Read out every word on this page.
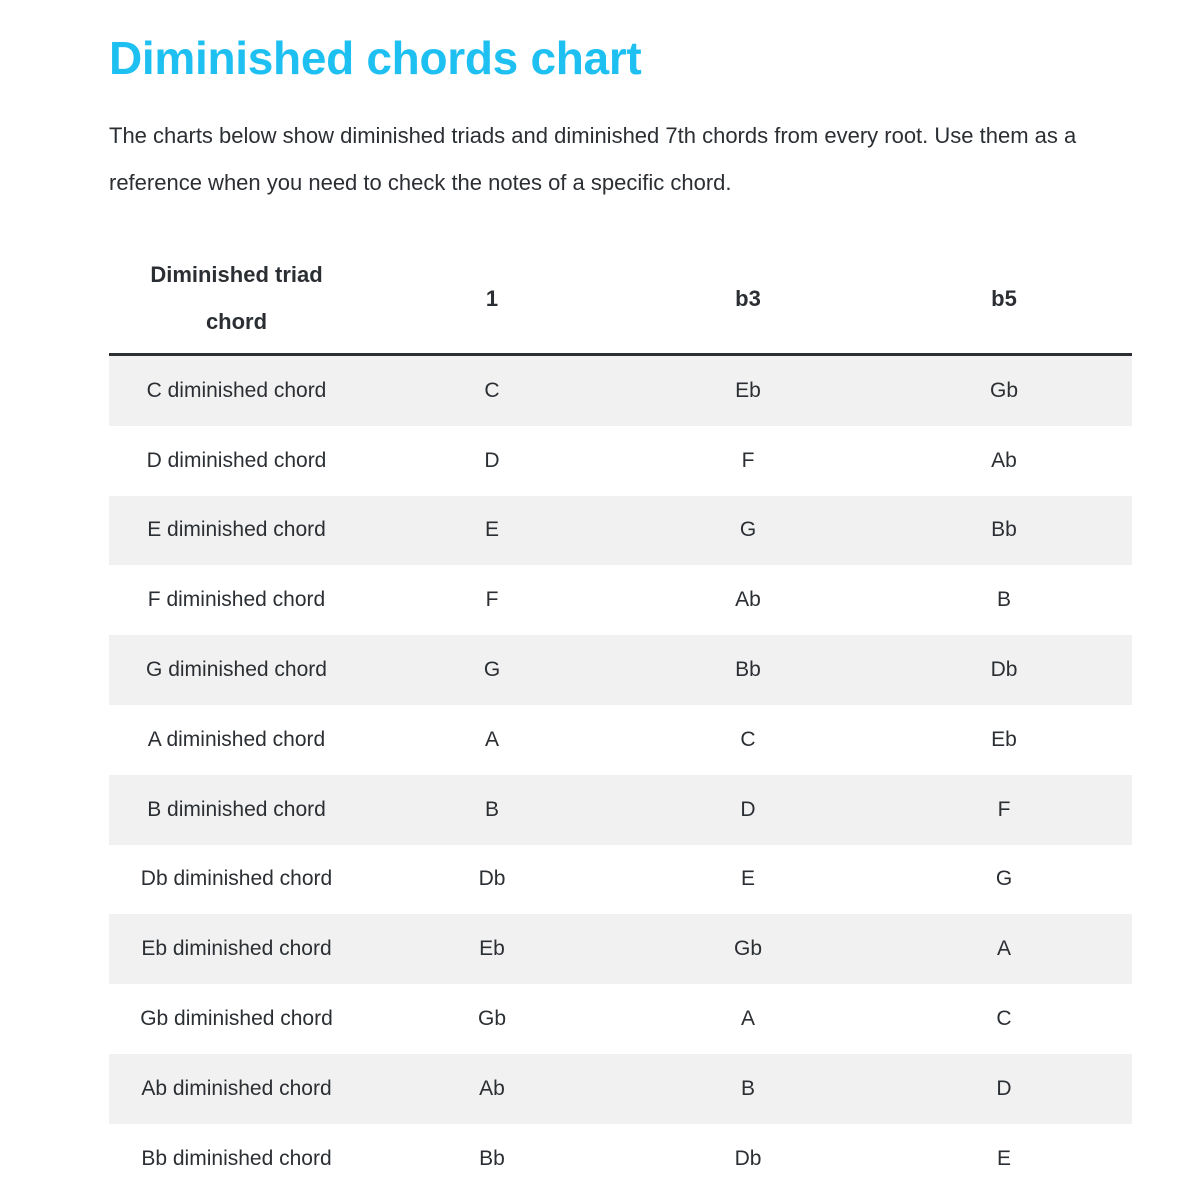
Diminished chords chart

The charts below show diminished triads and diminished 7th chords from every root. Use them as a reference when you need to check the notes of a specific chord.

Diminished triad chord	1	b3	b5
C diminished chord	C	Eb	Gb
D diminished chord	D	F	Ab
E diminished chord	E	G	Bb
F diminished chord	F	Ab	B
G diminished chord	G	Bb	Db
A diminished chord	A	C	Eb
B diminished chord	B	D	F
Db diminished chord	Db	E	G
Eb diminished chord	Eb	Gb	A
Gb diminished chord	Gb	A	C
Ab diminished chord	Ab	B	D
Bb diminished chord	Bb	Db	E
